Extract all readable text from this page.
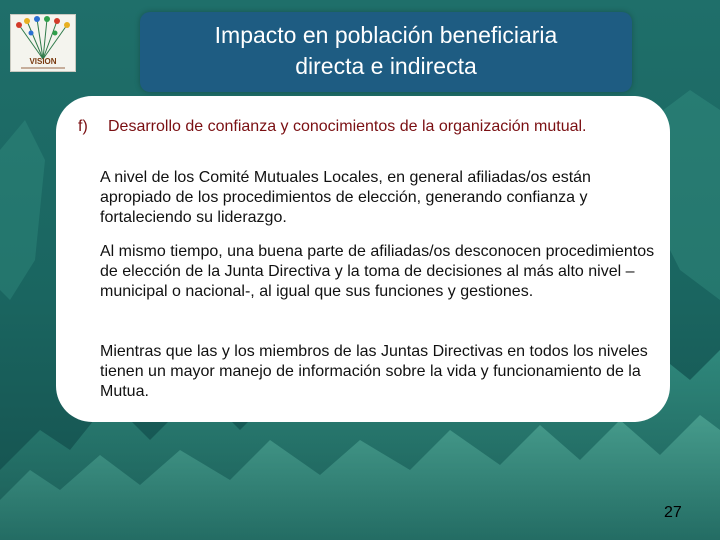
VISION
Impacto en población beneficiaria
directa e indirecta
f) Desarrollo de confianza y conocimientos de la organización mutual.
A nivel de los Comité Mutuales Locales, en general afiliadas/os están apropiado de los procedimientos de elección, generando confianza y fortaleciendo su liderazgo.
Al mismo tiempo, una buena parte de afiliadas/os desconocen procedimientos de elección de la Junta Directiva y la toma de decisiones al más alto nivel – municipal o nacional-, al igual que sus funciones y gestiones.
Mientras que las y los miembros de las Juntas Directivas en todos los niveles tienen un mayor manejo de información sobre la vida y funcionamiento de la Mutua.
27
